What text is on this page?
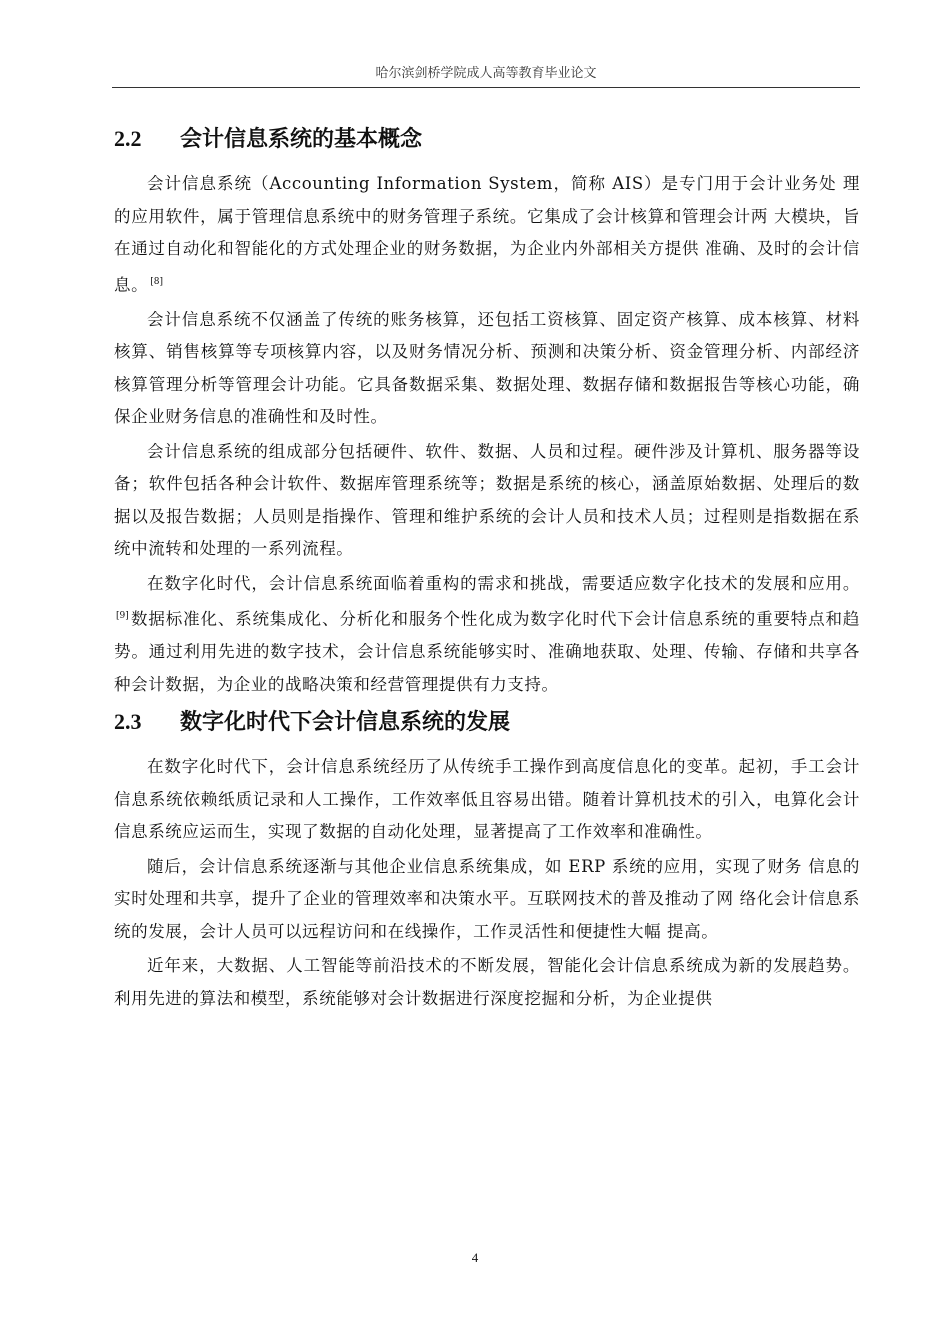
哈尔滨剑桥学院成人高等教育毕业论文
2.2	会计信息系统的基本概念

会计信息系统（Accounting Information System，简称 AIS）是专门用于会计业务处 理的应用软件，属于管理信息系统中的财务管理子系统。它集成了会计核算和管理会计两 大模块，旨在通过自动化和智能化的方式处理企业的财务数据，为企业内外部相关方提供 准确、及时的会计信息。 [8]

会计信息系统不仅涵盖了传统的账务核算，还包括工资核算、固定资产核算、成本核算、材料核算、销售核算等专项核算内容，以及财务情况分析、预测和决策分析、资金管理分析、内部经济核算管理分析等管理会计功能。它具备数据采集、数据处理、数据存储和数据报告等核心功能，确保企业财务信息的准确性和及时性。

会计信息系统的组成部分包括硬件、软件、数据、人员和过程。硬件涉及计算机、服务器等设备；软件包括各种会计软件、数据库管理系统等；数据是系统的核心，涵盖原始数据、处理后的数据以及报告数据；人员则是指操作、管理和维护系统的会计人员和技术人员；过程则是指数据在系统中流转和处理的一系列流程。

在数字化时代，会计信息系统面临着重构的需求和挑战，需要适应数字化技术的发展和应用。[9] 数据标准化、系统集成化、分析化和服务个性化成为数字化时代下会计信息系统的重要特点和趋势。通过利用先进的数字技术，会计信息系统能够实时、准确地获取、处理、传输、存储和共享各种会计数据，为企业的战略决策和经营管理提供有力支持。

2.3	数字化时代下会计信息系统的发展

在数字化时代下，会计信息系统经历了从传统手工操作到高度信息化的变革。起初，手工会计信息系统依赖纸质记录和人工操作，工作效率低且容易出错。随着计算机技术的引入，电算化会计信息系统应运而生，实现了数据的自动化处理，显著提高了工作效率和准确性。

随后，会计信息系统逐渐与其他企业信息系统集成，如 ERP 系统的应用，实现了财务 信息的实时处理和共享，提升了企业的管理效率和决策水平。互联网技术的普及推动了网 络化会计信息系统的发展，会计人员可以远程访问和在线操作，工作灵活性和便捷性大幅 提高。

近年来，大数据、人工智能等前沿技术的不断发展，智能化会计信息系统成为新的发展趋势。利用先进的算法和模型，系统能够对会计数据进行深度挖掘和分析，为企业提供

4
